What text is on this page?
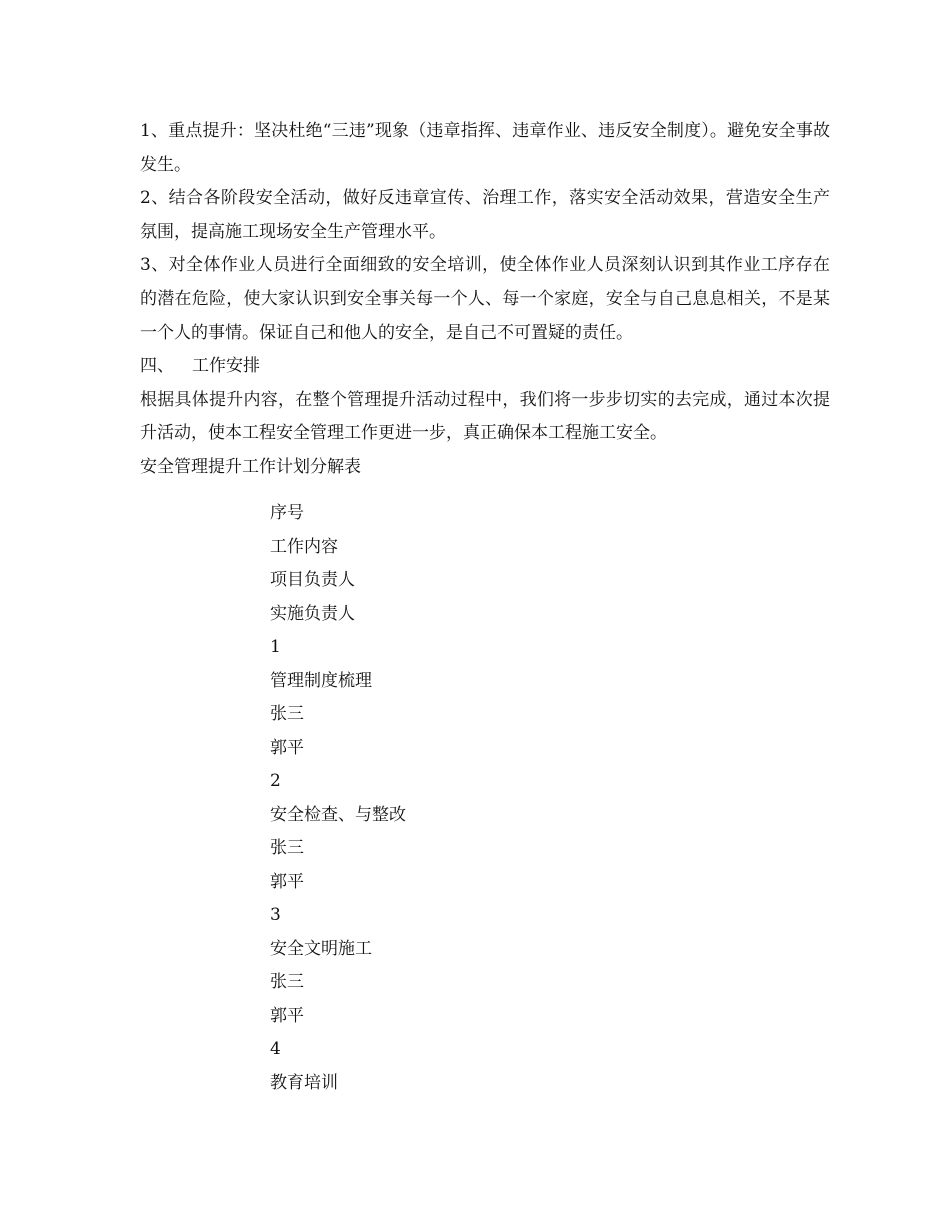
1、重点提升：坚决杜绝“三违”现象（违章指挥、违章作业、违反安全制度）。避免安全事故发生。

2、结合各阶段安全活动，做好反违章宣传、治理工作，落实安全活动效果，营造安全生产氛围，提高施工现场安全生产管理水平。

3、对全体作业人员进行全面细致的安全培训，使全体作业人员深刻认识到其作业工序存在的潜在危险，使大家认识到安全事关每一个人、每一个家庭，安全与自己息息相关，不是某一个人的事情。保证自己和他人的安全，是自己不可置疑的责任。

四、 工作安排

根据具体提升内容，在整个管理提升活动过程中，我们将一步步切实的去完成，通过本次提升活动，使本工程安全管理工作更进一步，真正确保本工程施工安全。

安全管理提升工作计划分解表

序号

工作内容

项目负责人

实施负责人

1

管理制度梳理

张三

郭平

2

安全检查、与整改

张三

郭平

3

安全文明施工

张三

郭平

4

教育培训
